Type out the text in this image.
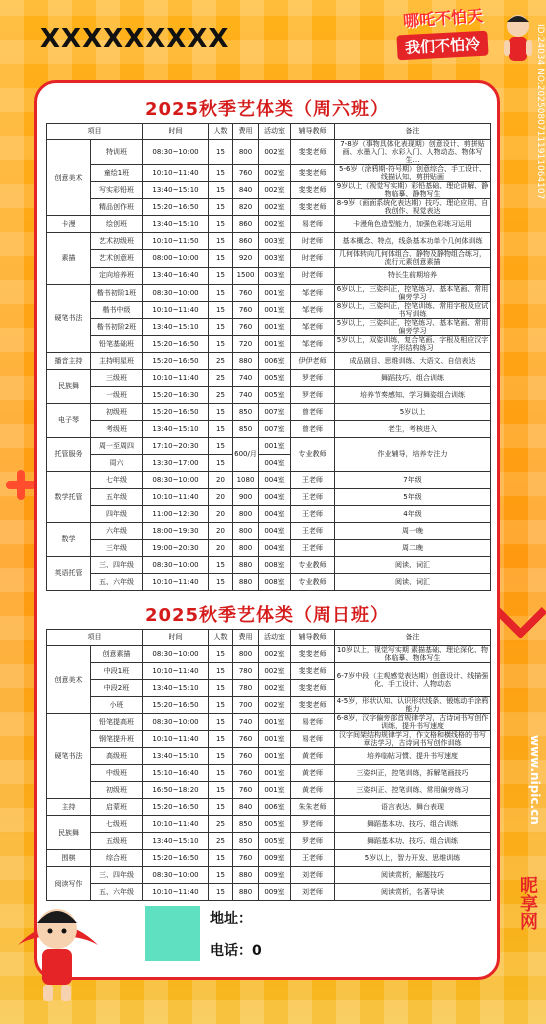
XXXXXXXXX
哪吒不怕天
我们不怕冷	ID:24034 NO:20250807111911064107
www.nipic.cn
昵享网
2025秋季艺体类（周六班）
项目		时间	人数	费用	活动室	辅导教师	备注
创意美术	特训班	08:30~10:00	15	800	002室	斐斐老师	7-8岁（事物具体化表现期）创意设计、剪拼贴画、水墨入门、水彩入门、人物动态、物体写生…
	童绘1班	10:10~11:40	15	760	002室	斐斐老师	5-6岁（涂鸦期-符号期）创意综合、手工设计、线描认知、剪拼贴画
	写实彩铅班	13:40~15:10	15	840	002室	斐斐老师	9岁以上（视觉写实期）彩铅基础、理论讲解、静物临摹、静物写生
	精品创作班	15:20~16:50	15	820	002室	斐斐老师	8-9岁（画面系统化表达期）技巧、理论应用、自我创作、视觉表达
卡漫	绘创班	13:40~15:10	15	860	002室	易老师	卡漫角色造型能力，加强色彩练习运用
素描	艺术初级班	10:10~11:50	15	860	003室	时老师	基本概念、特点，线条基本功单个几何体训练
	艺术创意班	08:00~10:00	15	920	003室	时老师	几何体转向几何体组合、静物及静物组合练习，流行元素创意素描
	定向培养班	13:40~16:40	15	1500	003室	时老师	特长生前期培养
硬笔书法	楷书初阶1班	08:30~10:00	15	760	001室	邹老师	6岁以上，三姿纠正，控笔练习、基本笔画、常用偏旁学习
	楷书中级	10:10~11:40	15	760	001室	邹老师	8岁以上，三姿纠正，控笔训练、常用字根及应试书写训练
	楷书初阶2班	13:40~15:10	15	760	001室	邹老师	5岁以上，三姿纠正，控笔练习、基本笔画、常用偏旁学习
	铅笔基础班	15:20~16:50	15	720	001室	邹老师	5岁以上，双姿训练，复合笔画、字根及相应汉字字形结构练习
播音主持	主持明星班	15:20~16:50	25	880	006室	伊伊老师	成品剧目、思维训练、大语文、自信表达
民族舞	三级班	10:10~11:40	25	740	005室	罗老师	舞蹈技巧、组合训练
	一级班	15:20~16:30	25	740	005室	罗老师	培养节奏感知、学习舞姿组合训练
电子琴	初级班	15:20~16:50	15	850	007室	曾老师	5岁以上
	考级班	13:40~15:10	15	850	007室	曾老师	老生，考核进入
托管服务	周一至周四	17:10~20:30	15	600/月	001室	专业教师	作业辅导，培养专注力
	周六	13:30~17:00	15		004室		
数学托管	七年级	08:30~10:00	20	1080	004室	王老师	7年级
	五年级	10:10~11:40	20	900	004室	王老师	5年级
	四年级	11:00~12:30	20	800	004室	王老师	4年级
数学	六年级	18:00~19:30	20	800	004室	王老师	周一晚
	三年级	19:00~20:30	20	800	004室	王老师	周二晚
英语托管	三、四年级	08:30~10:00	15	880	008室	专业教师	阅读、词汇
	五、六年级	10:10~11:40	15	880	008室	专业教师	阅读、词汇
2025秋季艺体类（周日班）
项目		时间	人数	费用	活动室	辅导教师	备注
创意美术	创意素描	08:30~10:00	15	800	002室	斐斐老师	10岁以上，视觉写实期 素描基础、理论深化、物体临摹、物体写生
	中段1班	10:10~11:40	15	780	002室	斐斐老师	6-7岁中段（主观感觉表达期）创意设计、线描强化、手工设计、人物动态
	中段2班	13:40~15:10	15	780	002室	斐斐老师	
	小班	15:20~16:50	15	700	002室	斐斐老师	4-5岁，形状认知、认识形状线条、锻炼动手涂鸦能力
硬笔书法	铅笔提高班	08:30~10:00	15	740	001室	易老师	6-8岁，汉字偏旁部首规律学习，古诗词书写创作训练，提升书写速度
	钢笔提升班	10:10~11:40	15	760	001室	易老师	汉字间架结构规律学习，作文格和横线格的书写章法学习，古诗词书写创作训练
	高级班	13:40~15:10	15	760	001室	黄老师	培养临帖习惯、提升书写速度
	中级班	15:10~16:40	15	760	001室	黄老师	三姿纠正，控笔训练，拆解笔画技巧
	初级班	16:50~18:20	15	760	001室	黄老师	三姿纠正、控笔训练、常用偏旁练习
主持	启蒙班	15:20~16:50	15	840	006室	朱朱老师	语言表达、舞台表现
民族舞	七级班	10:10~11:40	25	850	005室	罗老师	舞蹈基本功、技巧、组合训练
	五级班	13:40~15:10	25	850	005室	罗老师	舞蹈基本功、技巧、组合训练
围棋	综合班	15:20~16:50	15	760	009室	王老师	5岁以上，智力开发、思维训练
阅读写作	三、四年级	08:30~10:00	15	880	009室	刘老师	阅读赏析，解题技巧
	五、六年级	10:10~11:40	15	880	009室	刘老师	阅读赏析，名著导读
地址：
电话：0
